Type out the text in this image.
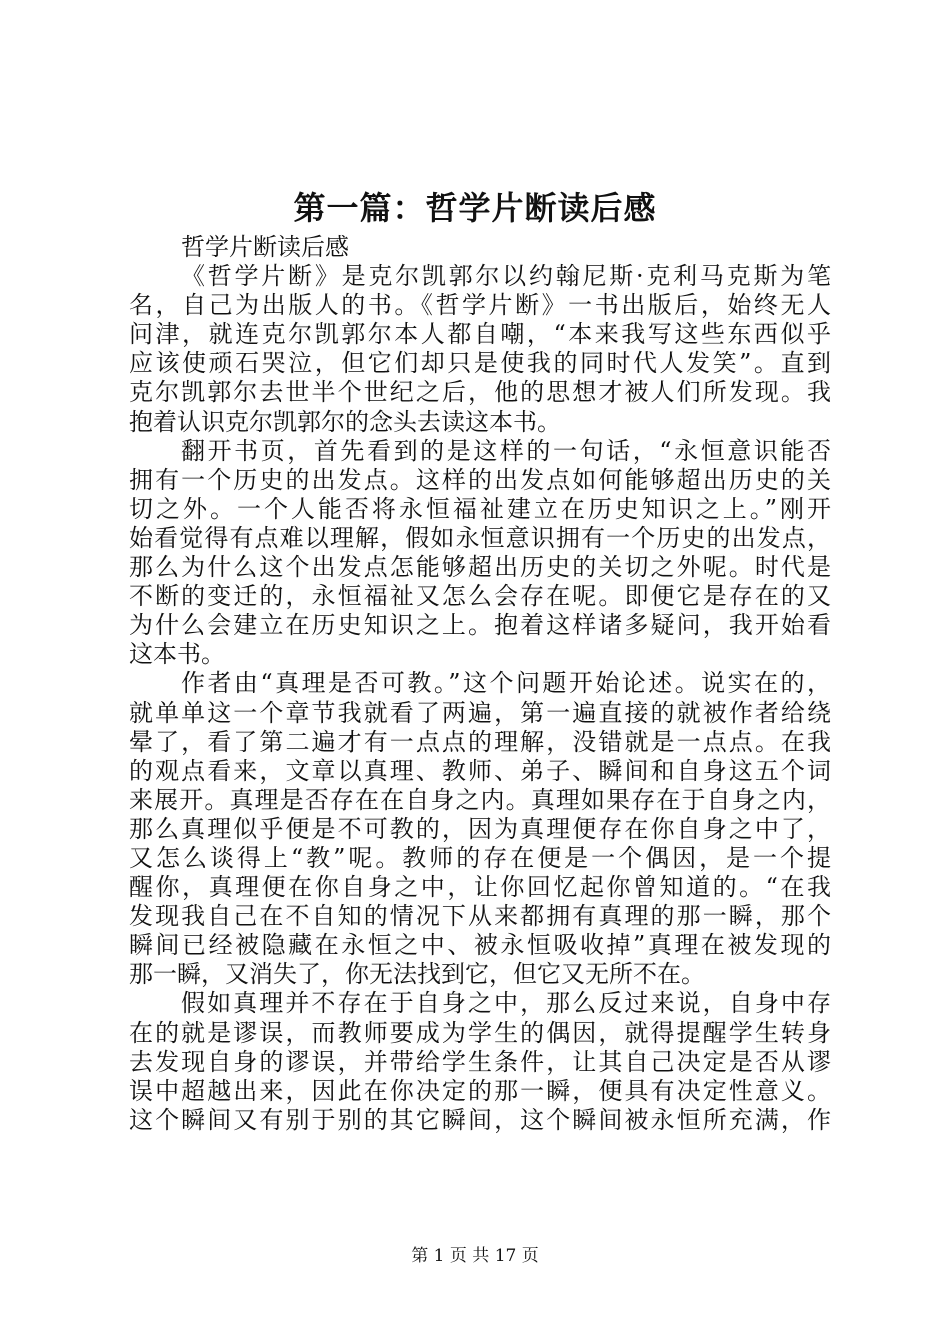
第一篇：哲学片断读后感
哲学片断读后感
《哲学片断》是克尔凯郭尔以约翰尼斯·克利马克斯为笔
名，自己为出版人的书。《哲学片断》一书出版后，始终无人
问津，就连克尔凯郭尔本人都自嘲，“本来我写这些东西似乎
应该使顽石哭泣，但它们却只是使我的同时代人发笑”。直到
克尔凯郭尔去世半个世纪之后，他的思想才被人们所发现。我
抱着认识克尔凯郭尔的念头去读这本书。
翻开书页，首先看到的是这样的一句话，“永恒意识能否
拥有一个历史的出发点。这样的出发点如何能够超出历史的关
切之外。一个人能否将永恒福祉建立在历史知识之上。”刚开
始看觉得有点难以理解，假如永恒意识拥有一个历史的出发点，
那么为什么这个出发点怎能够超出历史的关切之外呢。时代是
不断的变迁的，永恒福祉又怎么会存在呢。即便它是存在的又
为什么会建立在历史知识之上。抱着这样诸多疑问，我开始看
这本书。
作者由“真理是否可教。”这个问题开始论述。说实在的，
就单单这一个章节我就看了两遍，第一遍直接的就被作者给绕
晕了，看了第二遍才有一点点的理解，没错就是一点点。在我
的观点看来，文章以真理、教师、弟子、瞬间和自身这五个词
来展开。真理是否存在在自身之内。真理如果存在于自身之内，
那么真理似乎便是不可教的，因为真理便存在你自身之中了，
又怎么谈得上“教”呢。教师的存在便是一个偶因，是一个提
醒你，真理便在你自身之中，让你回忆起你曾知道的。“在我
发现我自己在不自知的情况下从来都拥有真理的那一瞬，那个
瞬间已经被隐藏在永恒之中、被永恒吸收掉”真理在被发现的
那一瞬，又消失了，你无法找到它，但它又无所不在。
假如真理并不存在于自身之中，那么反过来说，自身中存
在的就是谬误，而教师要成为学生的偶因，就得提醒学生转身
去发现自身的谬误，并带给学生条件，让其自己决定是否从谬
误中超越出来，因此在你决定的那一瞬，便具有决定性意义。
这个瞬间又有别于别的其它瞬间，这个瞬间被永恒所充满，作
第 1 页 共 17 页
